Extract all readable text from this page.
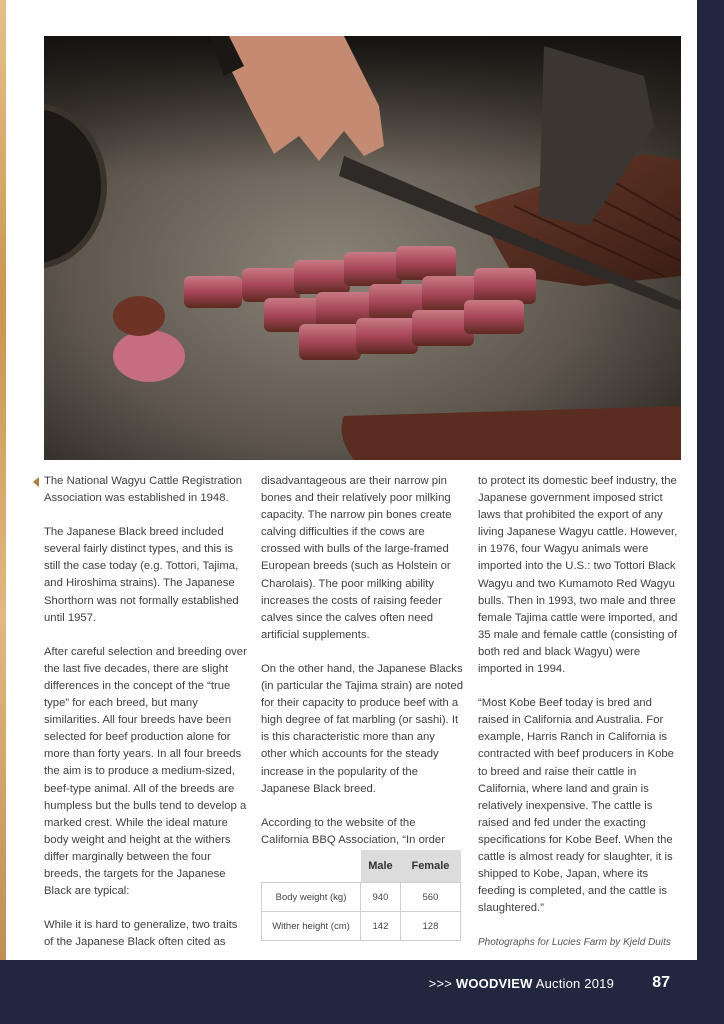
The National Wagyu Cattle Registration Association was established in 1948.

The Japanese Black breed included several fairly distinct types, and this is still the case today (e.g. Tottori, Tajima, and Hiroshima strains). The Japanese Shorthorn was not formally established until 1957.

After careful selection and breeding over the last five decades, there are slight differences in the concept of the “true type” for each breed, but many similarities. All four breeds have been selected for beef production alone for more than forty years. In all four breeds the aim is to produce a medium-sized, beef-type animal. All of the breeds are humpless but the bulls tend to develop a marked crest. While the ideal mature body weight and height at the withers differ marginally between the four breeds, the targets for the Japanese Black are typical:

While it is hard to generalize, two traits of the Japanese Black often cited as

disadvantageous are their narrow pin bones and their relatively poor milking capacity. The narrow pin bones create calving difficulties if the cows are crossed with bulls of the large-framed European breeds (such as Holstein or Charolais). The poor milking ability increases the costs of raising feeder calves since the calves often need artificial supplements.

On the other hand, the Japanese Blacks (in particular the Tajima strain) are noted for their capacity to produce beef with a high degree of fat marbling (or sashi). It is this characteristic more than any other which accounts for the steady increase in the popularity of the Japanese Black breed.

According to the website of the California BBQ Association, “In order

	Male	Female
Body weight (kg)	940	560
Wither height (cm)	142	128

to protect its domestic beef industry, the Japanese government imposed strict laws that prohibited the export of any living Japanese Wagyu cattle. However, in 1976, four Wagyu animals were imported into the U.S.: two Tottori Black Wagyu and two Kumamoto Red Wagyu bulls. Then in 1993, two male and three female Tajima cattle were imported, and 35 male and female cattle (consisting of both red and black Wagyu) were imported in 1994.

“Most Kobe Beef today is bred and raised in California and Australia. For example, Harris Ranch in California is contracted with beef producers in Kobe to breed and raise their cattle in California, where land and grain is relatively inexpensive. The cattle is raised and fed under the exacting specifications for Kobe Beef. When the cattle is almost ready for slaughter, it is shipped to Kobe, Japan, where its feeding is completed, and the cattle is slaughtered.”

Photographs for Lucies Farm by Kjeld Duits

>>> WOODVIEW Auction 2019 87
